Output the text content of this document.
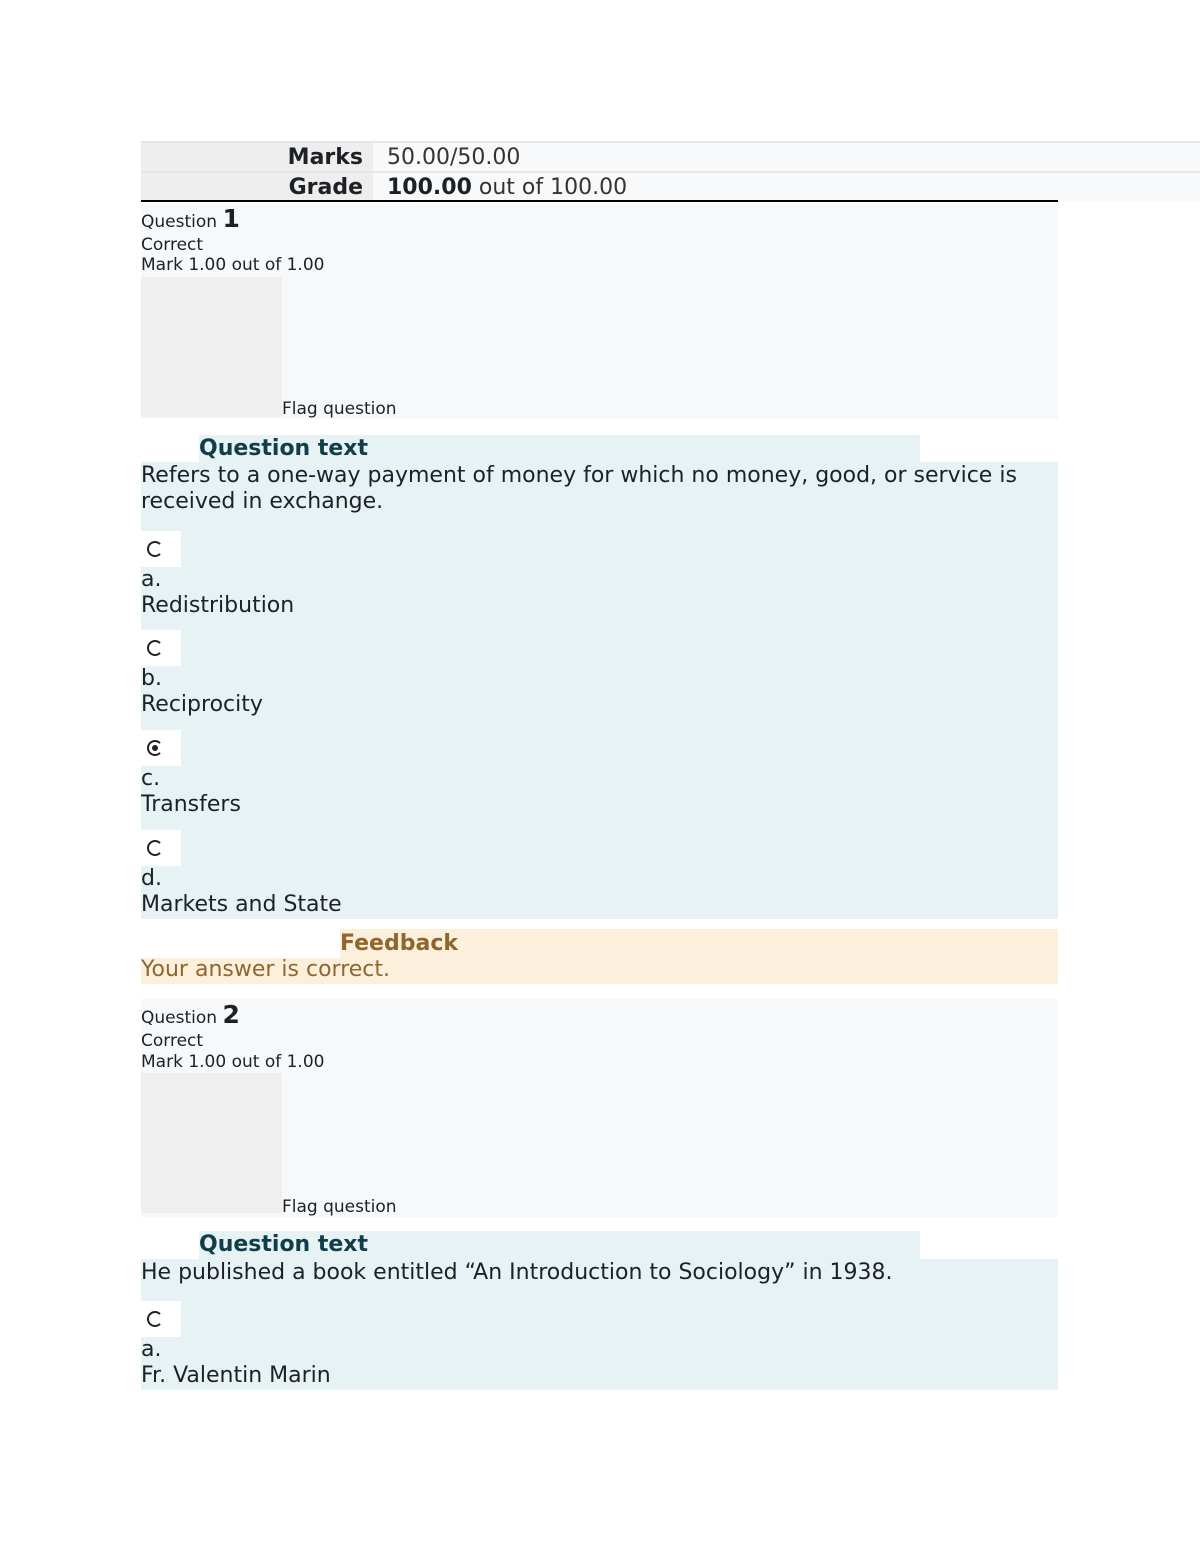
Marks	50.00/50.00
Grade	100.00 out of 100.00
Question 1
Correct
Mark 1.00 out of 1.00
Flag question
Refers to a one-way payment of money for which no money, good, or service is
received in exchange.
a.
Redistribution
b.
Reciprocity
c.
Transfers
d.
Markets and State
Question text
Feedback
Your answer is correct.
Question 2
Correct
Mark 1.00 out of 1.00
Flag question
He published a book entitled “An Introduction to Sociology” in 1938.
a.
Fr. Valentin Marin
Question text
